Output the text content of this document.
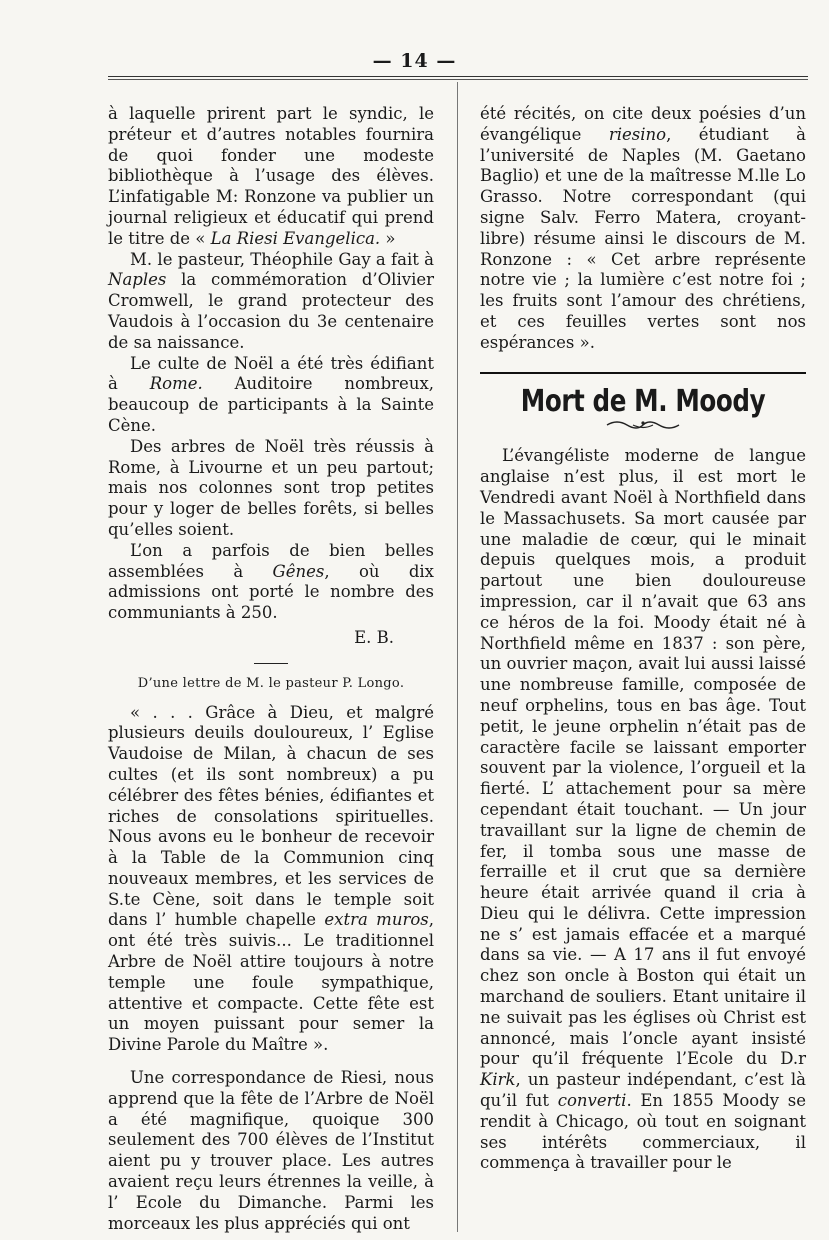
— 14 —

à laquelle prirent part le syndic, le préteur et d’autres notables fournira de quoi fonder une modeste bibliothèque à l’usage des élèves. L’infatigable M: Ronzone va publier un journal religieux et éducatif qui prend le titre de « La Riesi Evangelica. »

M. le pasteur, Théophile Gay a fait à Naples la commémoration d’Olivier Cromwell, le grand protecteur des Vaudois à l’occasion du 3e centenaire de sa naissance.

Le culte de Noël a été très édifiant à Rome. Auditoire nombreux, beaucoup de participants à la Sainte Cène.

Des arbres de Noël très réussis à Rome, à Livourne et un peu partout; mais nos colonnes sont trop petites pour y loger de belles forêts, si belles qu’elles soient.

L’on a parfois de bien belles assemblées à Gênes, où dix admissions ont porté le nombre des communiants à 250.

E. B.

D’une lettre de M. le pasteur P. Longo.

« . . . Grâce à Dieu, et malgré plusieurs deuils douloureux, l’ Eglise Vaudoise de Milan, à chacun de ses cultes (et ils sont nombreux) a pu célébrer des fêtes bénies, édifiantes et riches de consolations spirituelles. Nous avons eu le bonheur de recevoir à la Table de la Communion cinq nouveaux membres, et les services de S.te Cène, soit dans le temple soit dans l’ humble chapelle extra muros, ont été très suivis... Le traditionnel Arbre de Noël attire toujours à notre temple une foule sympathique, attentive et compacte. Cette fête est un moyen puissant pour semer la Divine Parole du Maître ».

Une correspondance de Riesi, nous apprend que la fête de l’Arbre de Noël a été magnifique, quoique 300 seulement des 700 élèves de l’Institut aient pu y trouver place. Les autres avaient reçu leurs étrennes la veille, à l’ Ecole du Dimanche. Parmi les morceaux les plus appréciés qui ont

été récités, on cite deux poésies d’un évangélique riesino, étudiant à l’université de Naples (M. Gaetano Baglio) et une de la maîtresse M.lle Lo Grasso. Notre correspondant (qui signe Salv. Ferro Matera, croyant-libre) résume ainsi le discours de M. Ronzone : « Cet arbre représente notre vie ; la lumière c’est notre foi ; les fruits sont l’amour des chrétiens, et ces feuilles vertes sont nos espérances ».

Mort de M. Moody

L’évangéliste moderne de langue anglaise n’est plus, il est mort le Vendredi avant Noël à Northfield dans le Massachusets. Sa mort causée par une maladie de cœur, qui le minait depuis quelques mois, a produit partout une bien douloureuse impression, car il n’avait que 63 ans ce héros de la foi. Moody était né à Northfield même en 1837 : son père, un ouvrier maçon, avait lui aussi laissé une nombreuse famille, composée de neuf orphelins, tous en bas âge. Tout petit, le jeune orphelin n’était pas de caractère facile se laissant emporter souvent par la violence, l’orgueil et la fierté. L’ attachement pour sa mère cependant était touchant. — Un jour travaillant sur la ligne de chemin de fer, il tomba sous une masse de ferraille et il crut que sa dernière heure était arrivée quand il cria à Dieu qui le délivra. Cette impression ne s’ est jamais effacée et a marqué dans sa vie. — A 17 ans il fut envoyé chez son oncle à Boston qui était un marchand de souliers. Etant unitaire il ne suivait pas les églises où Christ est annoncé, mais l’oncle ayant insisté pour qu’il fréquente l’Ecole du D.r Kirk, un pasteur indépendant, c’est là qu’il fut converti. En 1855 Moody se rendit à Chicago, où tout en soignant ses intérêts commerciaux, il commença à travailler pour le
